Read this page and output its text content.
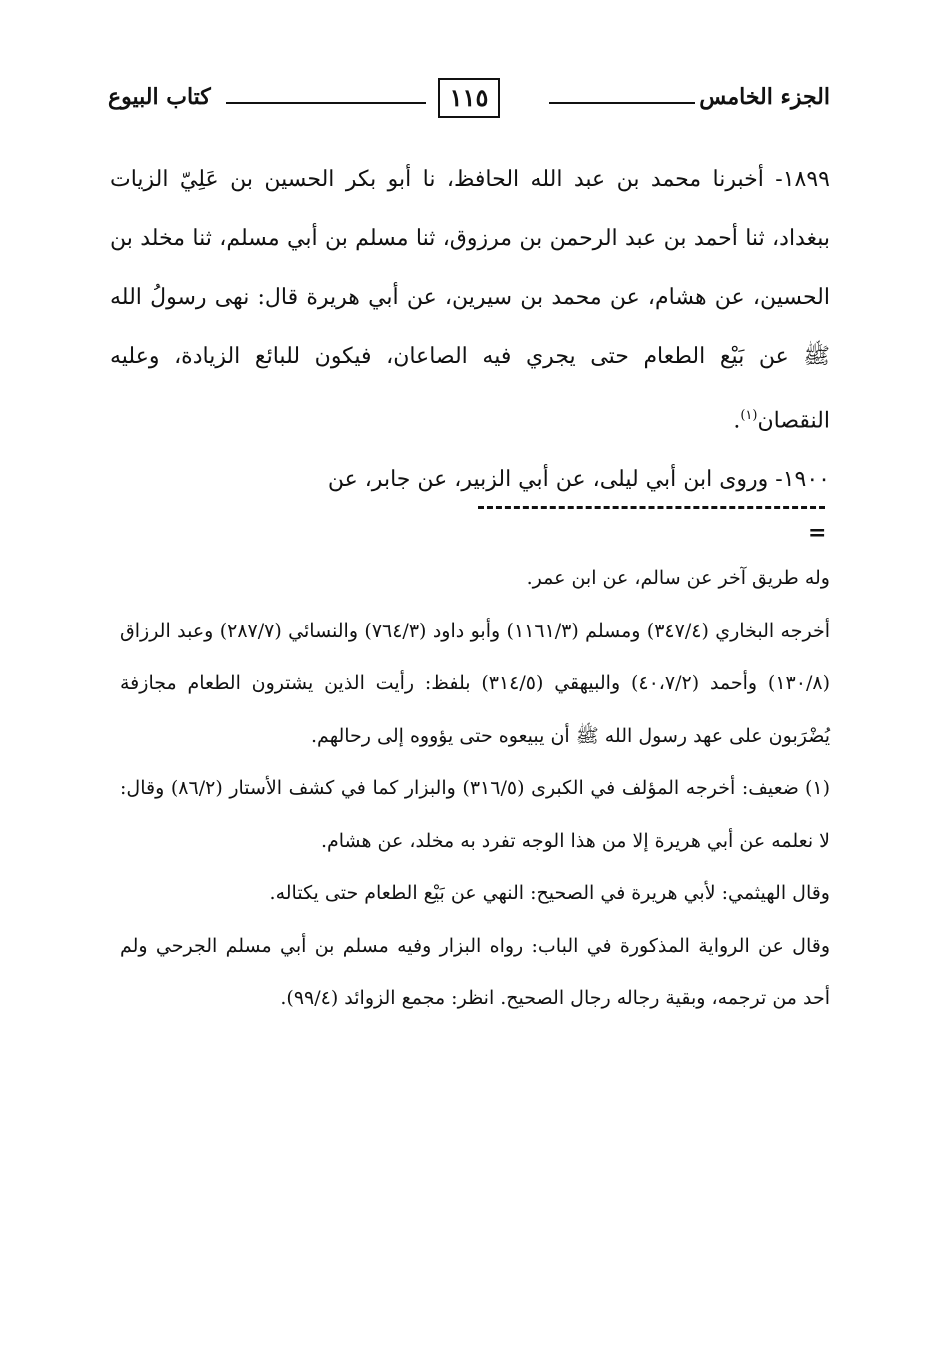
الجزء الخامس
١١٥
كتاب البيوع

١٨٩٩- أخبرنا محمد بن عبد الله الحافظ، نا أبو بكر الحسين بن عَلِيّ الزيات ببغداد، ثنا أحمد بن عبد الرحمن بن مرزوق، ثنا مسلم بن أبي مسلم، ثنا مخلد بن الحسين، عن هشام، عن محمد بن سيرين، عن أبي هريرة قال: نهى رسولُ الله ﷺ عن بَيْع الطعام حتى يجري فيه الصاعان، فيكون للبائع الزيادة، وعليه النقصان$^{(١)}$.

١٩٠٠- وروى ابن أبي ليلى، عن أبي الزبير، عن جابر، عن

=

وله طريق آخر عن سالم، عن ابن عمر.

أخرجه البخاري (٣٤٧/٤) ومسلم (١١٦١/٣) وأبو داود (٧٦٤/٣) والنسائي (٢٨٧/٧) وعبد الرزاق (١٣٠/٨) وأحمد (٤٠،٧/٢) والبيهقي (٣١٤/٥) بلفظ: رأيت الذين يشترون الطعام مجازفة يُضْرَبون على عهد رسول الله ﷺ أن يبيعوه حتى يؤووه إلى رحالهم.

(١)ضعيف: أخرجه المؤلف في الكبرى (٣١٦/٥) والبزار كما في كشف الأستار (٨٦/٢) وقال: لا نعلمه عن أبي هريرة إلا من هذا الوجه تفرد به مخلد، عن هشام.

وقال الهيثمي: لأبي هريرة في الصحيح: النهي عن بَيْع الطعام حتى يكتاله.

وقال عن الرواية المذكورة في الباب: رواه البزار وفيه مسلم بن أبي مسلم الجرحي ولم أحد من ترجمه، وبقية رجاله رجال الصحيح. انظر: مجمع الزوائد (٩٩/٤).
